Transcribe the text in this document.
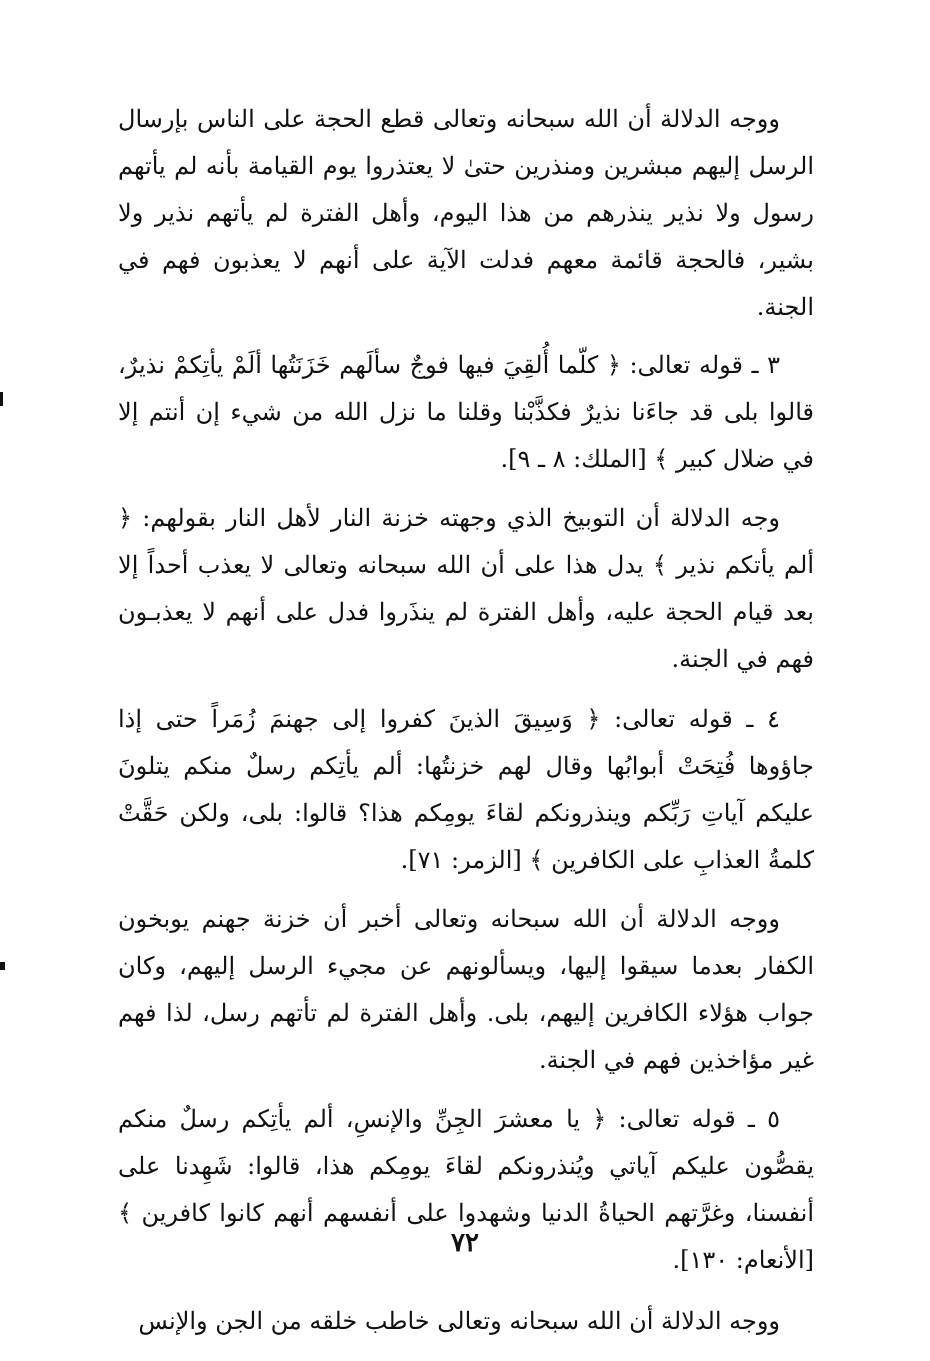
ووجه الدلالة أن الله سبحانه وتعالى قطع الحجة على الناس بإرسال الرسل إليهم مبشرين ومنذرين حتىٰ لا يعتذروا يوم القيامة بأنه لم يأتهم رسول ولا نذير ينذرهم من هذا اليوم، وأهل الفترة لم يأتهم نذير ولا بشير، فالحجة قائمة معهم فدلت الآية على أنهم لا يعذبون فهم في الجنة.

٣ ـ قوله تعالى: ﴿ كلّما أُلقِيَ فيها فوجٌ سألَهم خَزَنَتُها ألَمْ يأتِكمْ نذيرٌ، قالوا بلى قد جاءَنا نذيرٌ فكذَّبْنا وقلنا ما نزل الله من شيء إن أنتم إلا في ضلال كبير ﴾ [الملك: ٨ ـ ٩].

وجه الدلالة أن التوبيخ الذي وجهته خزنة النار لأهل النار بقولهم: ﴿ ألم يأتكم نذير ﴾ يدل هذا على أن الله سبحانه وتعالى لا يعذب أحداً إلا بعد قيام الحجة عليه، وأهل الفترة لم ينذَروا فدل على أنهم لا يعذبـون فهم في الجنة.

٤ ـ قوله تعالى: ﴿ وَسِيقَ الذينَ كفروا إلى جهنمَ زُمَراً حتى إذا جاؤوها فُتِحَتْ أبوابُها وقال لهم خزنتُها: ألم يأتِكم رسلٌ منكم يتلونَ عليكم آياتِ رَبِّكم وينذرونكم لقاءَ يومِكم هذا؟ قالوا: بلى، ولكن حَقَّتْ كلمةُ العذابِ على الكافرين ﴾ [الزمر: ٧١].

ووجه الدلالة أن الله سبحانه وتعالى أخبر أن خزنة جهنم يوبخون الكفار بعدما سيقوا إليها، ويسألونهم عن مجيء الرسل إليهم، وكان جواب هؤلاء الكافرين إليهم، بلى. وأهل الفترة لم تأتهم رسل، لذا فهم غير مؤاخذين فهم في الجنة.

٥ ـ قوله تعالى: ﴿ يا معشرَ الجِنِّ والإنسِ، ألم يأتِكم رسلٌ منكم يقصُّون عليكم آياتي ويُنذرونكم لقاءَ يومِكم هذا، قالوا: شَهِدنا على أنفسنا، وغرَّتهم الحياةُ الدنيا وشهدوا على أنفسهم أنهم كانوا كافرين ﴾ [الأنعام: ١٣٠].

ووجه الدلالة أن الله سبحانه وتعالى خاطب خلقه من الجن والإنس

٧٢
